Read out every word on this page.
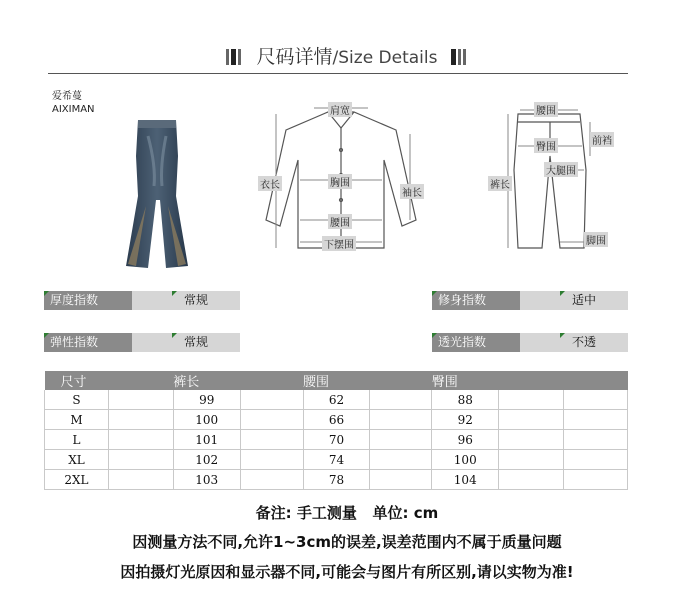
尺码详情/Size Details
爱希蔓
AIXIMAN	肩宽
衣长	胸围
袖长
腰围
下摆围
腰围
臀围
前裆
大腿围
裤长
脚围
厚度指数	常规	修身指数	适中
弹性指数	常规	透光指数	不透
尺寸		裤长		腰围		臀围		
S		99		62		88		
M		100		66		92		
L		101		70		96		
XL		102		74		100		
2XL		103		78		104		
备注: 手工测量   单位: cm
因测量方法不同,允许1~3cm的误差,误差范围内不属于质量问题
因拍摄灯光原因和显示器不同,可能会与图片有所区别,请以实物为准!
